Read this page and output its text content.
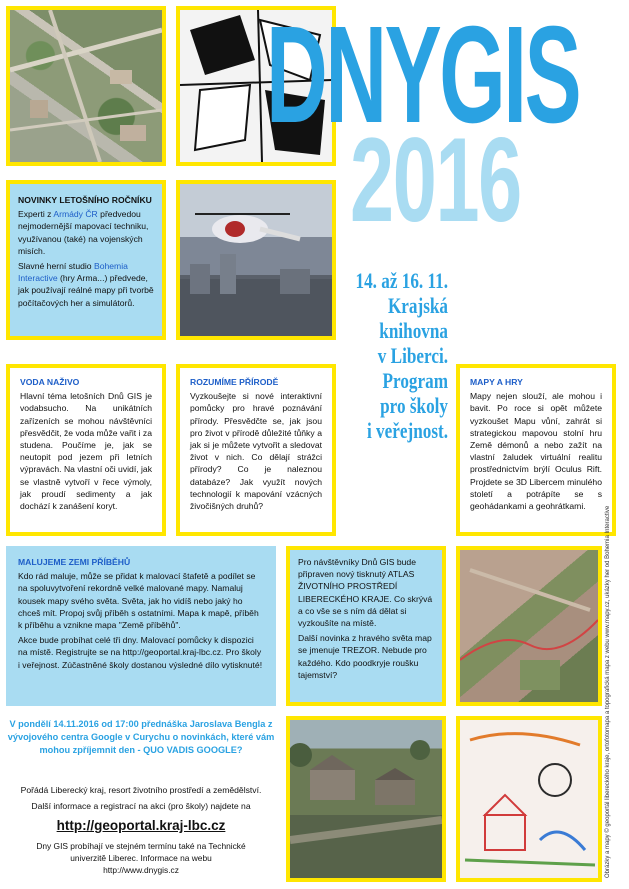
DNYGIS
2016
NOVINKY LETOŠNÍHO ROČNÍKU

Experti z Armády ČR předvedou nejmodernější mapovací techniku, využívanou (také) na vojenských misích.

Slavné herní studio Bohemia Interactive (hry Arma...) předvede, jak používají reálné mapy při tvorbě počítačových her a simulátorů.

14. až 16. 11.
Krajská
knihovna
v Liberci.
Program
pro školy
i veřejnost.
VODA NAŽIVO

Hlavní téma letošních Dnů GIS je vodabsucho. Na unikátních zařízeních se mohou návštěvníci přesvědčit, že voda může vařit i za studena. Poučíme je, jak se neutopit pod jezem při letních výpravách. Na vlastní oči uvidí, jak se vlastně vytvoří v řece výmoly, jak proudí sedimenty a jak dochází k zanášení koryt.

ROZUMÍME PŘÍRODĚ

Vyzkoušejte si nové interaktivní pomůcky pro hravé poznávání přírody. Přesvědčte se, jak jsou pro život v přírodě důležité tůňky a jak si je můžete vytvořit a sledovat život v nich. Co dělají strážci přírody? Co je naleznou databáze? Jak využít nových technologií k mapování vzácných živočišných druhů?

MAPY A HRY

Mapy nejen slouží, ale mohou i bavit. Po roce si opět můžete vyzkoušet Mapu vůní, zahrát si strategickou mapovou stolní hru Země démonů a nebo zažít na vlastní žaludek virtuální realitu prostřednictvím brýlí Oculus Rift. Projdete se 3D Libercem minulého století a potrápíte se s geohádankami a geohrátkami.

MALUJEME ZEMI PŘÍBĚHŮ

Kdo rád maluje, může se přidat k malovací štafetě a podílet se na spoluvytvoření rekordně velké malované mapy. Namaluj kousek mapy svého světa. Světa, jak ho vidíš nebo jaký ho chceš mít. Propoj svůj příběh s ostatními. Mapa k mapě, příběh k příběhu a vznikne mapa "Země příběhů".

Akce bude probíhat celé tři dny. Malovací pomůcky k dispozici na místě. Registrujte se na http://geoportal.kraj-lbc.cz. Pro školy i veřejnost. Zúčastněné školy dostanou výsledné dílo vytisknuté!

Pro návštěvníky Dnů GIS bude připraven nový tisknutý ATLAS ŽIVOTNÍHO PROSTŘEDÍ LIBERECKÉHO KRAJE. Co skrývá a co vše se s ním dá dělat si vyzkoušíte na místě.

Další novinka z hravého světa map se jmenuje TREZOR. Nebude pro každého. Kdo poodkryje roušku tajemství?	Obrázky a mapy © geoportál libereckého kraje, ortofotomapa a topografická mapa z webu www.mapy.cz, ukázky her od Bohemia Interactive
V pondělí 14.11.2016 od 17:00 přednáška Jaroslava Bengla z vývojového centra Google v Curychu o novinkách, které vám mohou zpříjemnit den - QUO VADIS GOOGLE?
Pořádá Liberecký kraj, resort životního prostředí a zemědělství.
Další informace a registrací na akci (pro školy) najdete na
http://geoportal.kraj-lbc.cz
Dny GIS probíhají ve stejném termínu také na Technické univerzitě Liberec. Informace na webu http://www.dnygis.cz
